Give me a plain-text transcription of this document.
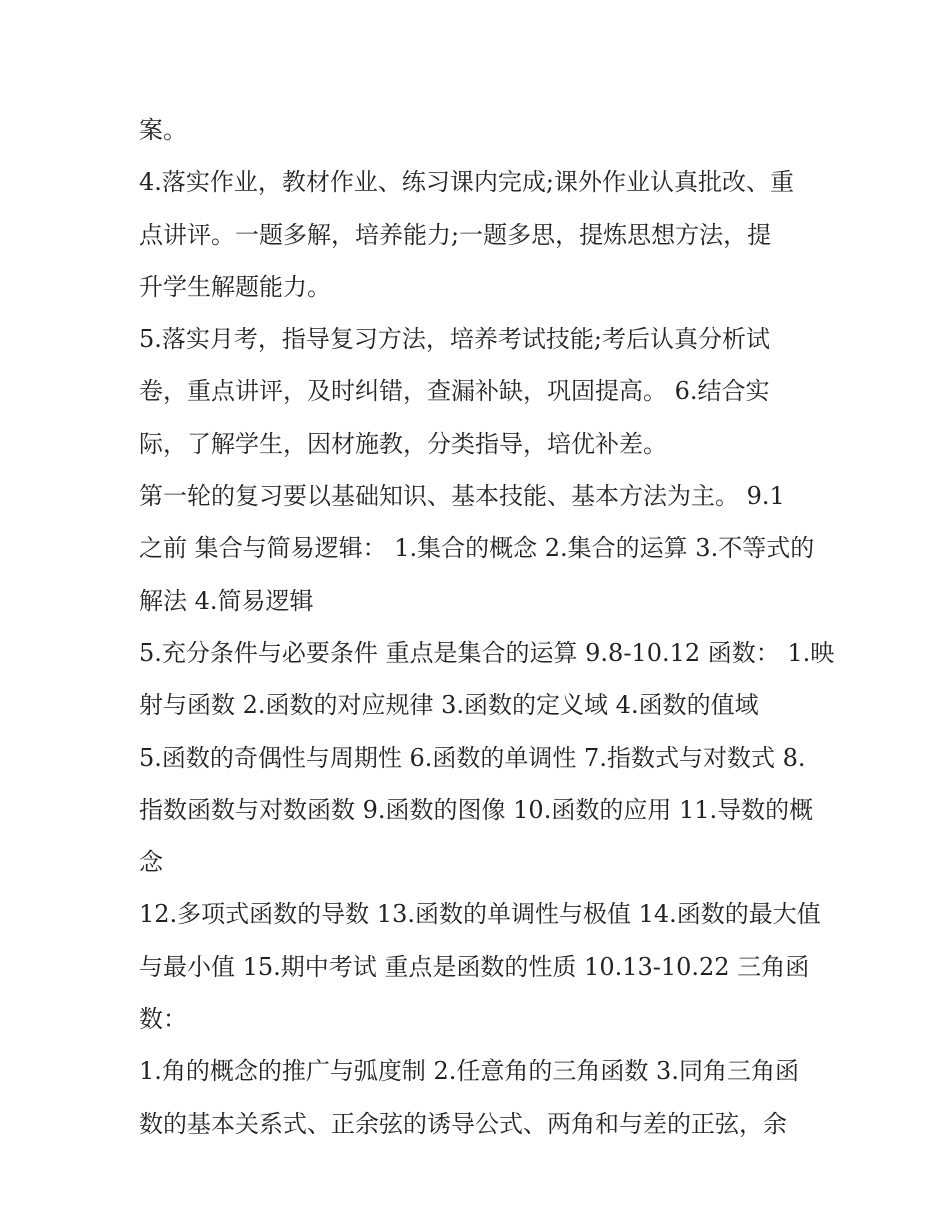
案。
4.落实作业，教材作业、练习课内完成;课外作业认真批改、重
点讲评。一题多解，培养能力;一题多思，提炼思想方法，提
升学生解题能力。
5.落实月考，指导复习方法，培养考试技能;考后认真分析试
卷，重点讲评，及时纠错，查漏补缺，巩固提高。 6.结合实
际，了解学生，因材施教，分类指导，培优补差。
第一轮的复习要以基础知识、基本技能、基本方法为主。 9.1
之前 集合与简易逻辑： 1.集合的概念 2.集合的运算 3.不等式的
解法 4.简易逻辑
5.充分条件与必要条件 重点是集合的运算 9.8-10.12 函数： 1.映
射与函数 2.函数的对应规律 3.函数的定义域 4.函数的值域
5.函数的奇偶性与周期性 6.函数的单调性 7.指数式与对数式 8.
指数函数与对数函数 9.函数的图像 10.函数的应用 11.导数的概
念
12.多项式函数的导数 13.函数的单调性与极值 14.函数的最大值
与最小值 15.期中考试 重点是函数的性质 10.13-10.22 三角函
数：
1.角的概念的推广与弧度制 2.任意角的三角函数 3.同角三角函
数的基本关系式、正余弦的诱导公式、两角和与差的正弦，余
